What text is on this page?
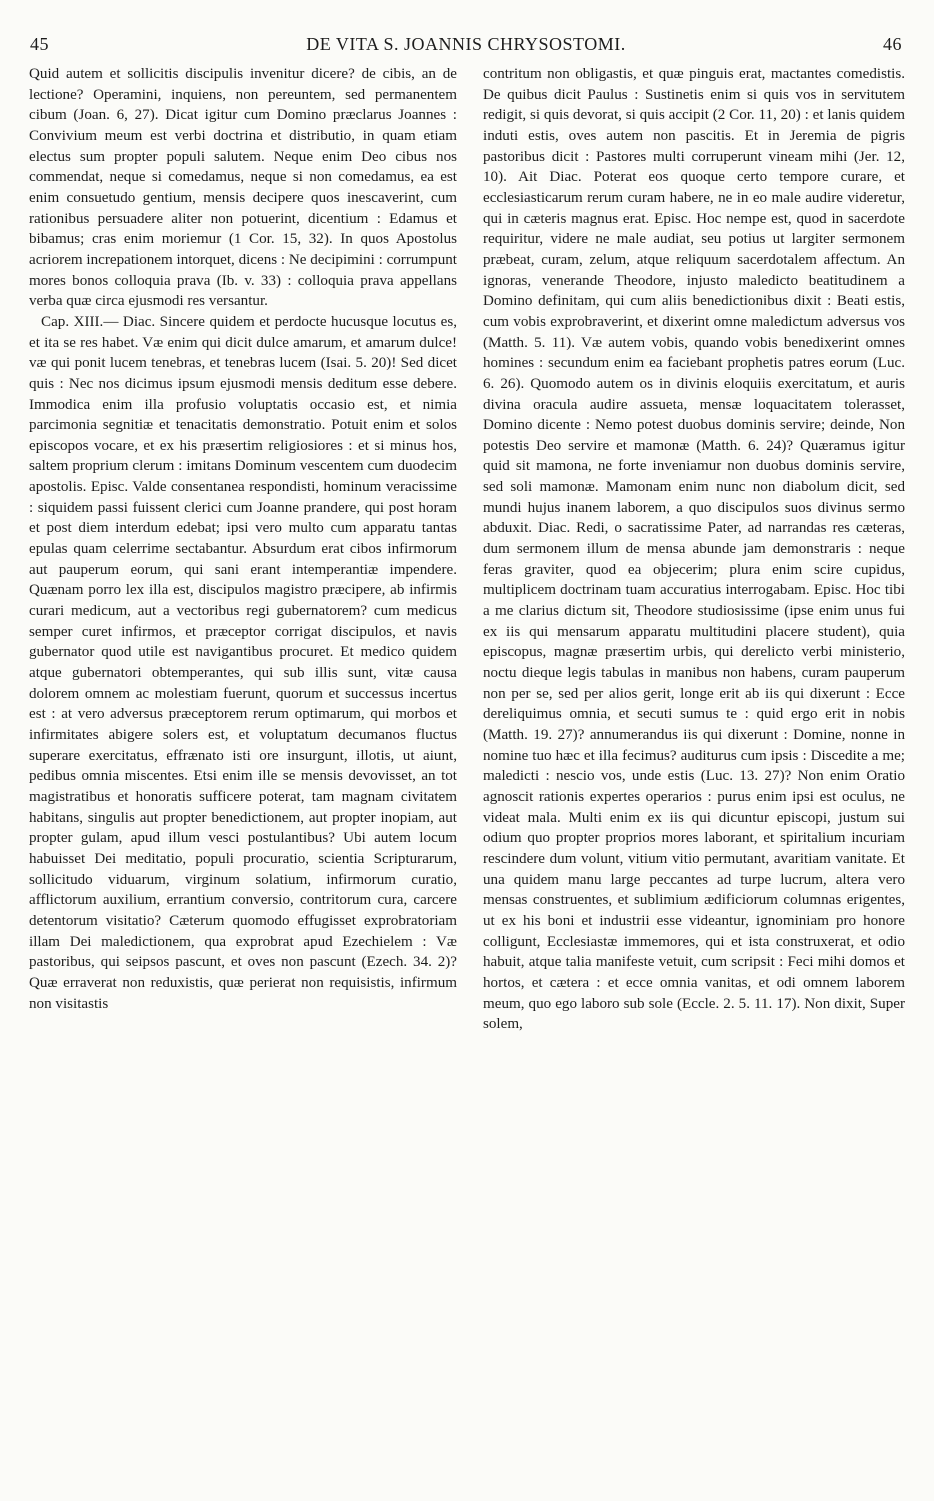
45	DE VITA S. JOANNIS CHRYSOSTOMI.	46

Quid autem et sollicitis discipulis invenitur dicere? de cibis, an de lectione? Operamini, inquiens, non pereuntem, sed permanentem cibum (Joan. 6, 27). Dicat igitur cum Domino præclarus Joannes : Convivium meum est verbi doctrina et distributio, in quam etiam electus sum propter populi salutem. Neque enim Deo cibus nos commendat, neque si comedamus, neque si non comedamus, ea est enim consuetudo gentium, mensis decipere quos inescaverint, cum rationibus persuadere aliter non potuerint, dicentium : Edamus et bibamus; cras enim moriemur (1 Cor. 15, 32). In quos Apostolus acriorem increpationem intorquet, dicens : Ne decipimini : corrumpunt mores bonos colloquia prava (Ib. v. 33) : colloquia prava appellans verba quæ circa ejusmodi res versantur.

Cap. XIII.— Diac. Sincere quidem et perdocte hucusque locutus es, et ita se res habet. Væ enim qui dicit dulce amarum, et amarum dulce! væ qui ponit lucem tenebras, et tenebras lucem (Isai. 5. 20)! Sed dicet quis : Nec nos dicimus ipsum ejusmodi mensis deditum esse debere. Immodica enim illa profusio voluptatis occasio est, et nimia parcimonia segnitiæ et tenacitatis demonstratio. Potuit enim et solos episcopos vocare, et ex his præsertim religiosiores : et si minus hos, saltem proprium clerum : imitans Dominum vescentem cum duodecim apostolis. Episc. Valde consentanea respondisti, hominum veracissime : siquidem passi fuissent clerici cum Joanne prandere, qui post horam et post diem interdum edebat; ipsi vero multo cum apparatu tantas epulas quam celerrime sectabantur. Absurdum erat cibos infirmorum aut pauperum eorum, qui sani erant intemperantiæ impendere. Quænam porro lex illa est, discipulos magistro præcipere, ab infirmis curari medicum, aut a vectoribus regi gubernatorem? cum medicus semper curet infirmos, et præceptor corrigat discipulos, et navis gubernator quod utile est navigantibus procuret. Et medico quidem atque gubernatori obtemperantes, qui sub illis sunt, vitæ causa dolorem omnem ac molestiam fuerunt, quorum et successus incertus est : at vero adversus præceptorem rerum optimarum, qui morbos et infirmitates abigere solers est, et voluptatum decumanos fluctus superare exercitatus, effrænato isti ore insurgunt, illotis, ut aiunt, pedibus omnia miscentes. Etsi enim ille se mensis devovisset, an tot magistratibus et honoratis sufficere poterat, tam magnam civitatem habitans, singulis aut propter benedictionem, aut propter inopiam, aut propter gulam, apud illum vesci postulantibus? Ubi autem locum habuisset Dei meditatio, populi procuratio, scientia Scripturarum, sollicitudo viduarum, virginum solatium, infirmorum curatio, afflictorum auxilium, errantium conversio, contritorum cura, carcere detentorum visitatio? Cæterum quomodo effugisset exprobratoriam illam Dei maledictionem, qua exprobrat apud Ezechielem : Væ pastoribus, qui seipsos pascunt, et oves non pascunt (Ezech. 34. 2)? Quæ erraverat non reduxistis, quæ perierat non requisistis, infirmum non visitastis

contritum non obligastis, et quæ pinguis erat, mactantes comedistis. De quibus dicit Paulus : Sustinetis enim si quis vos in servitutem redigit, si quis devorat, si quis accipit (2 Cor. 11, 20) : et lanis quidem induti estis, oves autem non pascitis. Et in Jeremia de pigris pastoribus dicit : Pastores multi corruperunt vineam mihi (Jer. 12, 10). Ait Diac. Poterat eos quoque certo tempore curare, et ecclesiasticarum rerum curam habere, ne in eo male audire videretur, qui in cæteris magnus erat. Episc. Hoc nempe est, quod in sacerdote requiritur, videre ne male audiat, seu potius ut largiter sermonem præbeat, curam, zelum, atque reliquum sacerdotalem affectum. An ignoras, venerande Theodore, injusto maledicto beatitudinem a Domino definitam, qui cum aliis benedictionibus dixit : Beati estis, cum vobis exprobraverint, et dixerint omne maledictum adversus vos (Matth. 5. 11). Væ autem vobis, quando vobis benedixerint omnes homines : secundum enim ea faciebant prophetis patres eorum (Luc. 6. 26). Quomodo autem os in divinis eloquiis exercitatum, et auris divina oracula audire assueta, mensæ loquacitatem tolerasset, Domino dicente : Nemo potest duobus dominis servire; deinde, Non potestis Deo servire et mamonæ (Matth. 6. 24)? Quæramus igitur quid sit mamona, ne forte inveniamur non duobus dominis servire, sed soli mamonæ. Mamonam enim nunc non diabolum dicit, sed mundi hujus inanem laborem, a quo discipulos suos divinus sermo abduxit. Diac. Redi, o sacratissime Pater, ad narrandas res cæteras, dum sermonem illum de mensa abunde jam demonstraris : neque feras graviter, quod ea objecerim; plura enim scire cupidus, multiplicem doctrinam tuam accuratius interrogabam. Episc. Hoc tibi a me clarius dictum sit, Theodore studiosissime (ipse enim unus fui ex iis qui mensarum apparatu multitudini placere student), quia episcopus, magnæ præsertim urbis, qui derelicto verbi ministerio, noctu dieque legis tabulas in manibus non habens, curam pauperum non per se, sed per alios gerit, longe erit ab iis qui dixerunt : Ecce dereliquimus omnia, et secuti sumus te : quid ergo erit in nobis (Matth. 19. 27)? annumerandus iis qui dixerunt : Domine, nonne in nomine tuo hæc et illa fecimus? auditurus cum ipsis : Discedite a me; maledicti : nescio vos, unde estis (Luc. 13. 27)? Non enim Oratio agnoscit rationis expertes operarios : purus enim ipsi est oculus, ne videat mala. Multi enim ex iis qui dicuntur episcopi, justum sui odium quo propter proprios mores laborant, et spiritalium incuriam rescindere dum volunt, vitium vitio permutant, avaritiam vanitate. Et una quidem manu large peccantes ad turpe lucrum, altera vero mensas construentes, et sublimium ædificiorum columnas erigentes, ut ex his boni et industrii esse videantur, ignominiam pro honore colligunt, Ecclesiastæ immemores, qui et ista construxerat, et odio habuit, atque talia manifeste vetuit, cum scripsit : Feci mihi domos et hortos, et cætera : et ecce omnia vanitas, et odi omnem laborem meum, quo ego laboro sub sole (Eccle. 2. 5. 11. 17). Non dixit, Super solem,
